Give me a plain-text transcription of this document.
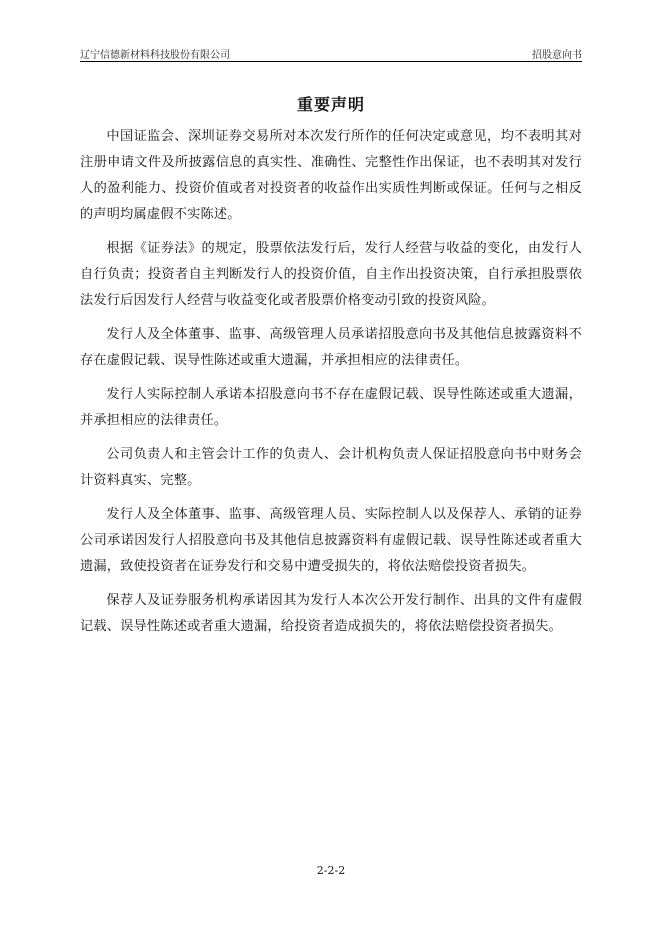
辽宁信德新材料科技股份有限公司	招股意向书
重要声明

中国证监会、深圳证券交易所对本次发行所作的任何决定或意见，均不表明其对注册申请文件及所披露信息的真实性、准确性、完整性作出保证，也不表明其对发行人的盈利能力、投资价值或者对投资者的收益作出实质性判断或保证。任何与之相反的声明均属虚假不实陈述。

根据《证券法》的规定，股票依法发行后，发行人经营与收益的变化，由发行人自行负责；投资者自主判断发行人的投资价值，自主作出投资决策，自行承担股票依法发行后因发行人经营与收益变化或者股票价格变动引致的投资风险。

发行人及全体董事、监事、高级管理人员承诺招股意向书及其他信息披露资料不存在虚假记载、误导性陈述或重大遗漏，并承担相应的法律责任。

发行人实际控制人承诺本招股意向书不存在虚假记载、误导性陈述或重大遗漏，并承担相应的法律责任。

公司负责人和主管会计工作的负责人、会计机构负责人保证招股意向书中财务会计资料真实、完整。

发行人及全体董事、监事、高级管理人员、实际控制人以及保荐人、承销的证券公司承诺因发行人招股意向书及其他信息披露资料有虚假记载、误导性陈述或者重大遗漏，致使投资者在证券发行和交易中遭受损失的，将依法赔偿投资者损失。

保荐人及证券服务机构承诺因其为发行人本次公开发行制作、出具的文件有虚假记载、误导性陈述或者重大遗漏，给投资者造成损失的，将依法赔偿投资者损失。

2-2-2
